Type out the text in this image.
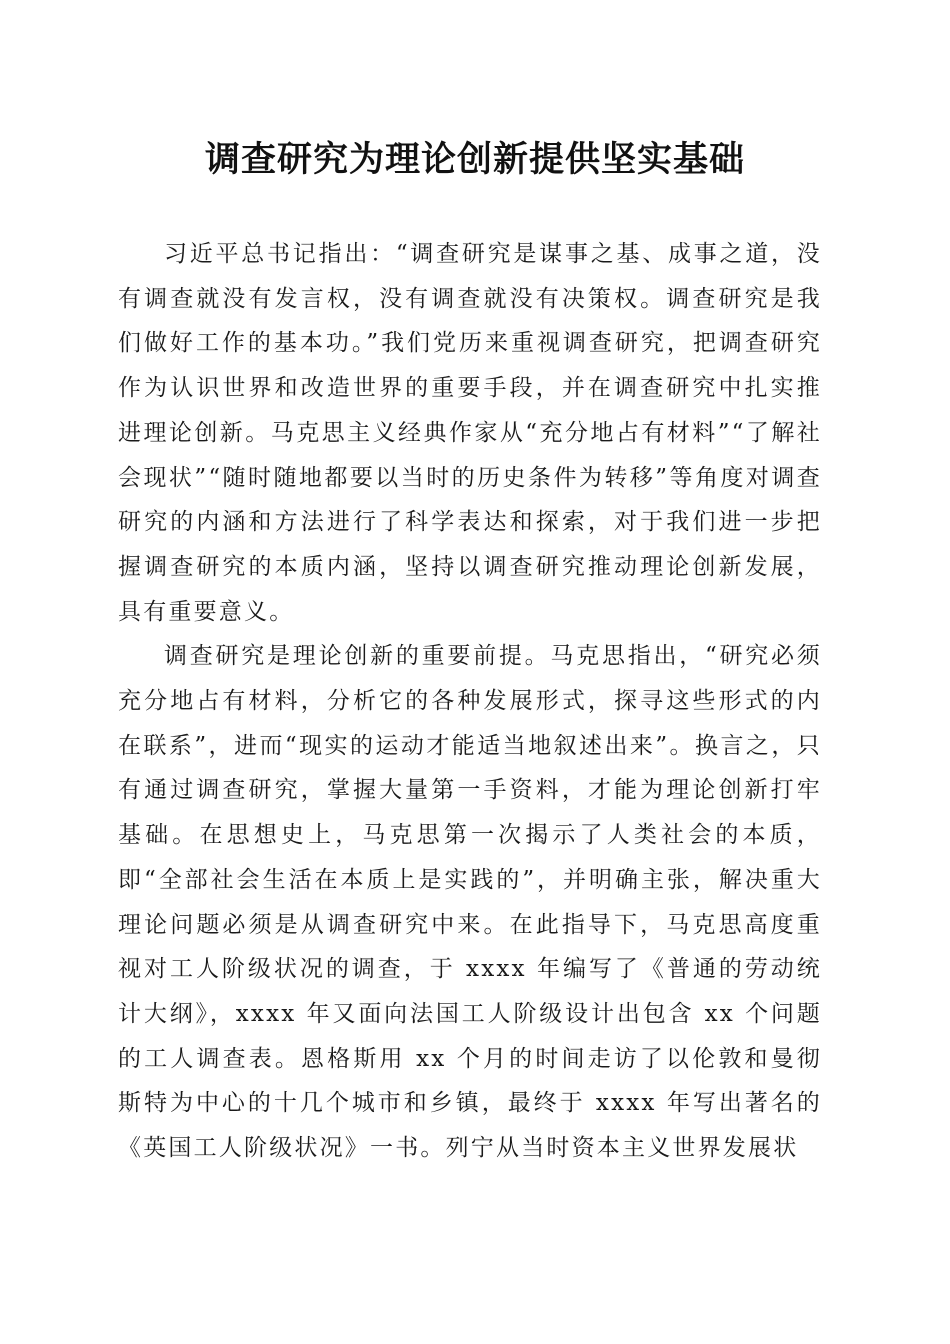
调查研究为理论创新提供坚实基础

习近平总书记指出：“调查研究是谋事之基、成事之道，没有调查就没有发言权，没有调查就没有决策权。调查研究是我们做好工作的基本功。”我们党历来重视调查研究，把调查研究作为认识世界和改造世界的重要手段，并在调查研究中扎实推进理论创新。马克思主义经典作家从“充分地占有材料”“了解社会现状”“随时随地都要以当时的历史条件为转移”等角度对调查研究的内涵和方法进行了科学表达和探索，对于我们进一步把握调查研究的本质内涵，坚持以调查研究推动理论创新发展，具有重要意义。

调查研究是理论创新的重要前提。马克思指出，“研究必须充分地占有材料，分析它的各种发展形式，探寻这些形式的内在联系”，进而“现实的运动才能适当地叙述出来”。换言之，只有通过调查研究，掌握大量第一手资料，才能为理论创新打牢基础。在思想史上，马克思第一次揭示了人类社会的本质，即“全部社会生活在本质上是实践的”，并明确主张，解决重大理论问题必须是从调查研究中来。在此指导下，马克思高度重视对工人阶级状况的调查，于 xxxx 年编写了《普通的劳动统计大纲》，xxxx 年又面向法国工人阶级设计出包含 xx 个问题的工人调查表。恩格斯用 xx 个月的时间走访了以伦敦和曼彻斯特为中心的十几个城市和乡镇，最终于 xxxx 年写出著名的《英国工人阶级状况》一书。列宁从当时资本主义世界发展状
